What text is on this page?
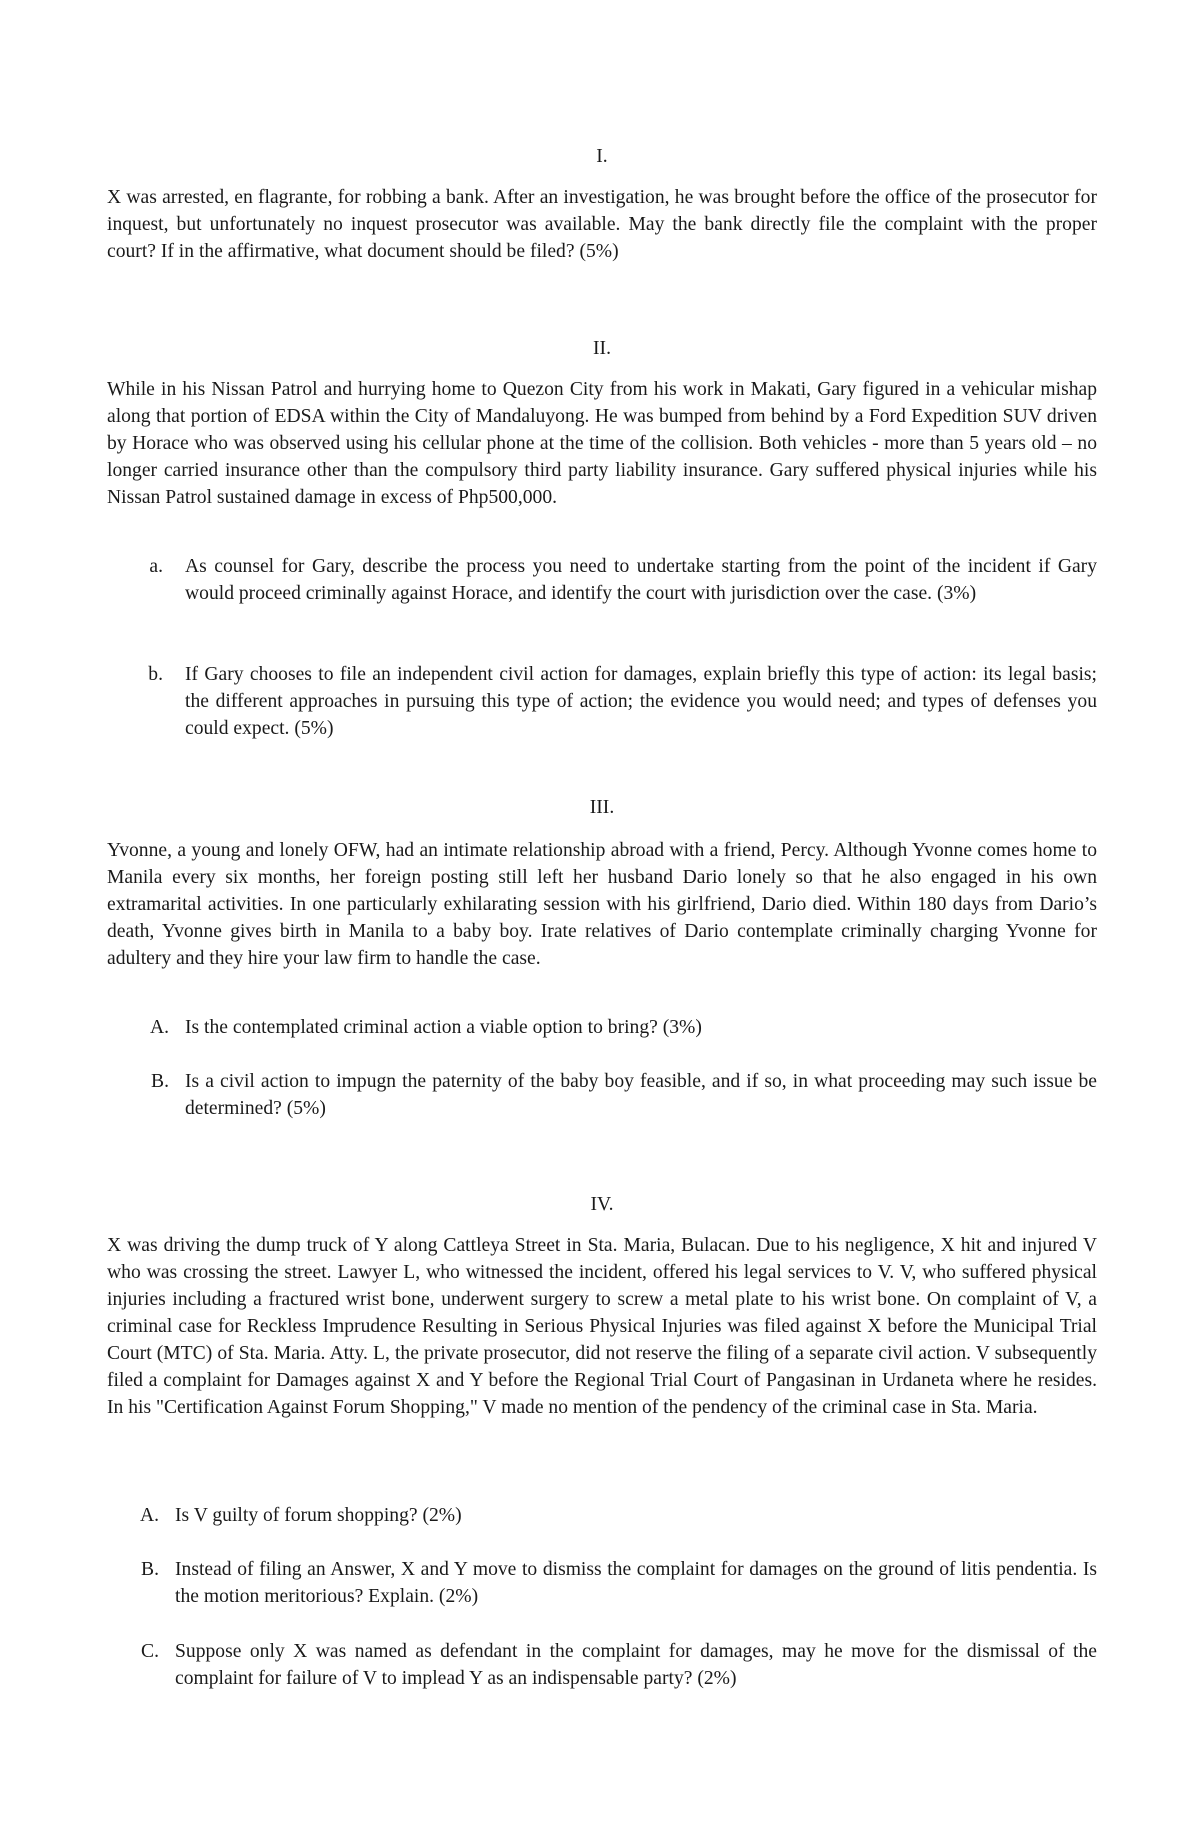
I.
X was arrested, en flagrante, for robbing a bank. After an investigation, he was brought before the office of the prosecutor for inquest, but unfortunately no inquest prosecutor was available. May the bank directly file the complaint with the proper court? If in the affirmative, what document should be filed? (5%)
II.
While in his Nissan Patrol and hurrying home to Quezon City from his work in Makati, Gary figured in a vehicular mishap along that portion of EDSA within the City of Mandaluyong. He was bumped from behind by a Ford Expedition SUV driven by Horace who was observed using his cellular phone at the time of the collision. Both vehicles - more than 5 years old – no longer carried insurance other than the compulsory third party liability insurance. Gary suffered physical injuries while his Nissan Patrol sustained damage in excess of Php500,000.
a. As counsel for Gary, describe the process you need to undertake starting from the point of the incident if Gary would proceed criminally against Horace, and identify the court with jurisdiction over the case. (3%)
b. If Gary chooses to file an independent civil action for damages, explain briefly this type of action: its legal basis; the different approaches in pursuing this type of action; the evidence you would need; and types of defenses you could expect. (5%)
III.
Yvonne, a young and lonely OFW, had an intimate relationship abroad with a friend, Percy. Although Yvonne comes home to Manila every six months, her foreign posting still left her husband Dario lonely so that he also engaged in his own extramarital activities. In one particularly exhilarating session with his girlfriend, Dario died. Within 180 days from Dario’s death, Yvonne gives birth in Manila to a baby boy. Irate relatives of Dario contemplate criminally charging Yvonne for adultery and they hire your law firm to handle the case.
A. Is the contemplated criminal action a viable option to bring? (3%)
B. Is a civil action to impugn the paternity of the baby boy feasible, and if so, in what proceeding may such issue be determined? (5%)
IV.
X was driving the dump truck of Y along Cattleya Street in Sta. Maria, Bulacan. Due to his negligence, X hit and injured V who was crossing the street. Lawyer L, who witnessed the incident, offered his legal services to V. V, who suffered physical injuries including a fractured wrist bone, underwent surgery to screw a metal plate to his wrist bone. On complaint of V, a criminal case for Reckless Imprudence Resulting in Serious Physical Injuries was filed against X before the Municipal Trial Court (MTC) of Sta. Maria. Atty. L, the private prosecutor, did not reserve the filing of a separate civil action. V subsequently filed a complaint for Damages against X and Y before the Regional Trial Court of Pangasinan in Urdaneta where he resides. In his "Certification Against Forum Shopping," V made no mention of the pendency of the criminal case in Sta. Maria.
A. Is V guilty of forum shopping? (2%)
B. Instead of filing an Answer, X and Y move to dismiss the complaint for damages on the ground of litis pendentia. Is the motion meritorious? Explain. (2%)
C. Suppose only X was named as defendant in the complaint for damages, may he move for the dismissal of the complaint for failure of V to implead Y as an indispensable party? (2%)
